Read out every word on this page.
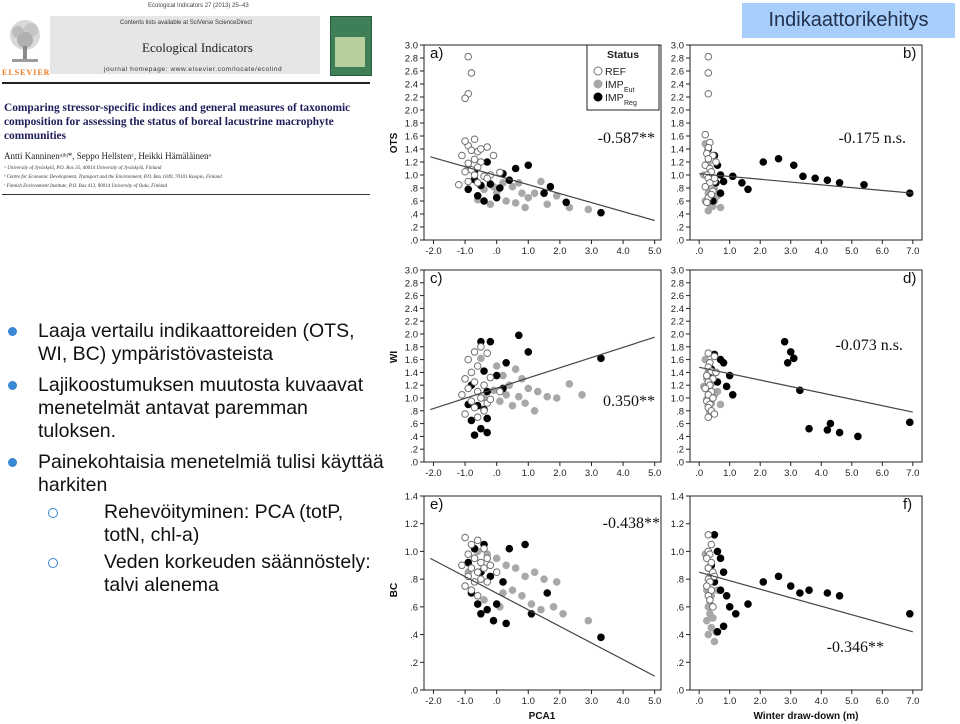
ELSEVIER
Ecological Indicators 27 (2013) 25–43
Contents lists available at SciVerse ScienceDirect
Ecological Indicators
journal homepage: www.elsevier.com/locate/ecolind
Comparing stressor-specific indices and general measures of taxonomic composition for assessing the status of boreal lacustrine macrophyte communities
Antti Kanninenᵃʲᵇʲ*, Seppo Hellstenᶜ, Heikki Hämäläinenᵃ
ᵃ University of Jyväskylä, P.O. Box 35, 40014 University of Jyväskylä, Finland
ᵇ Centre for Economic Development, Transport and the Environment, P.O. Box 1049, 70101 Kuopio, Finland
ᶜ Finnish Environment Institute, P.O. Box 413, 90014 University of Oulu, Finland
Laaja vertailu indikaattoreiden (OTS, WI, BC) ympäristövasteista
Lajikoostumuksen muutosta kuvaavat menetelmät antavat paremman tuloksen.
Painekohtaisia menetelmiä tulisi käyttää harkiten
Rehevöityminen: PCA (totP, totN, chl-a)
Veden korkeuden säännöstely: talvi alenema
Indikaattorikehitys
3.0
2.8
2.6
2.4
2.2
2.0
1.8
1.6
1.4
1.2
1.0
.8
.6
.4
.2
.0
-2.0 -1.0 .0 1.0 2.0 3.0 4.0 5.0
a)
-0.587**
3.0
2.8
2.6
2.4
2.2
2.0
1.8
1.6
1.4
1.2
1.0
.8
.6
.4
.2
.0
.0 1.0 2.0 3.0 4.0 5.0 6.0 7.0
b)
-0.175 n.s.
3.0
2.8
2.6
2.4
2.2
2.0
1.8
1.6
1.4
1.2
1.0
.8
.6
.4
.2
.0
-2.0 -1.0 .0 1.0 2.0 3.0 4.0 5.0
c)
0.350**
3.0
2.8
2.6
2.4
2.2
2.0
1.8
1.6
1.4
1.2
1.0
.8
.6
.4
.2
.0
.0 1.0 2.0 3.0 4.0 5.0 6.0 7.0
d)
-0.073 n.s.
1.4
1.2
1.0
.8
.6
.4
.2
.0
-2.0 -1.0 .0 1.0 2.0 3.0 4.0 5.0
e)
-0.438**
1.4
1.2
1.0
.8
.6
.4
.2
.0
.0 1.0 2.0 3.0 4.0 5.0 6.0 7.0
f)
-0.346**
OTS
WI
BC
PCA1	Winter draw-down (m)
Status
REF
IMP Eut
IMP Reg
